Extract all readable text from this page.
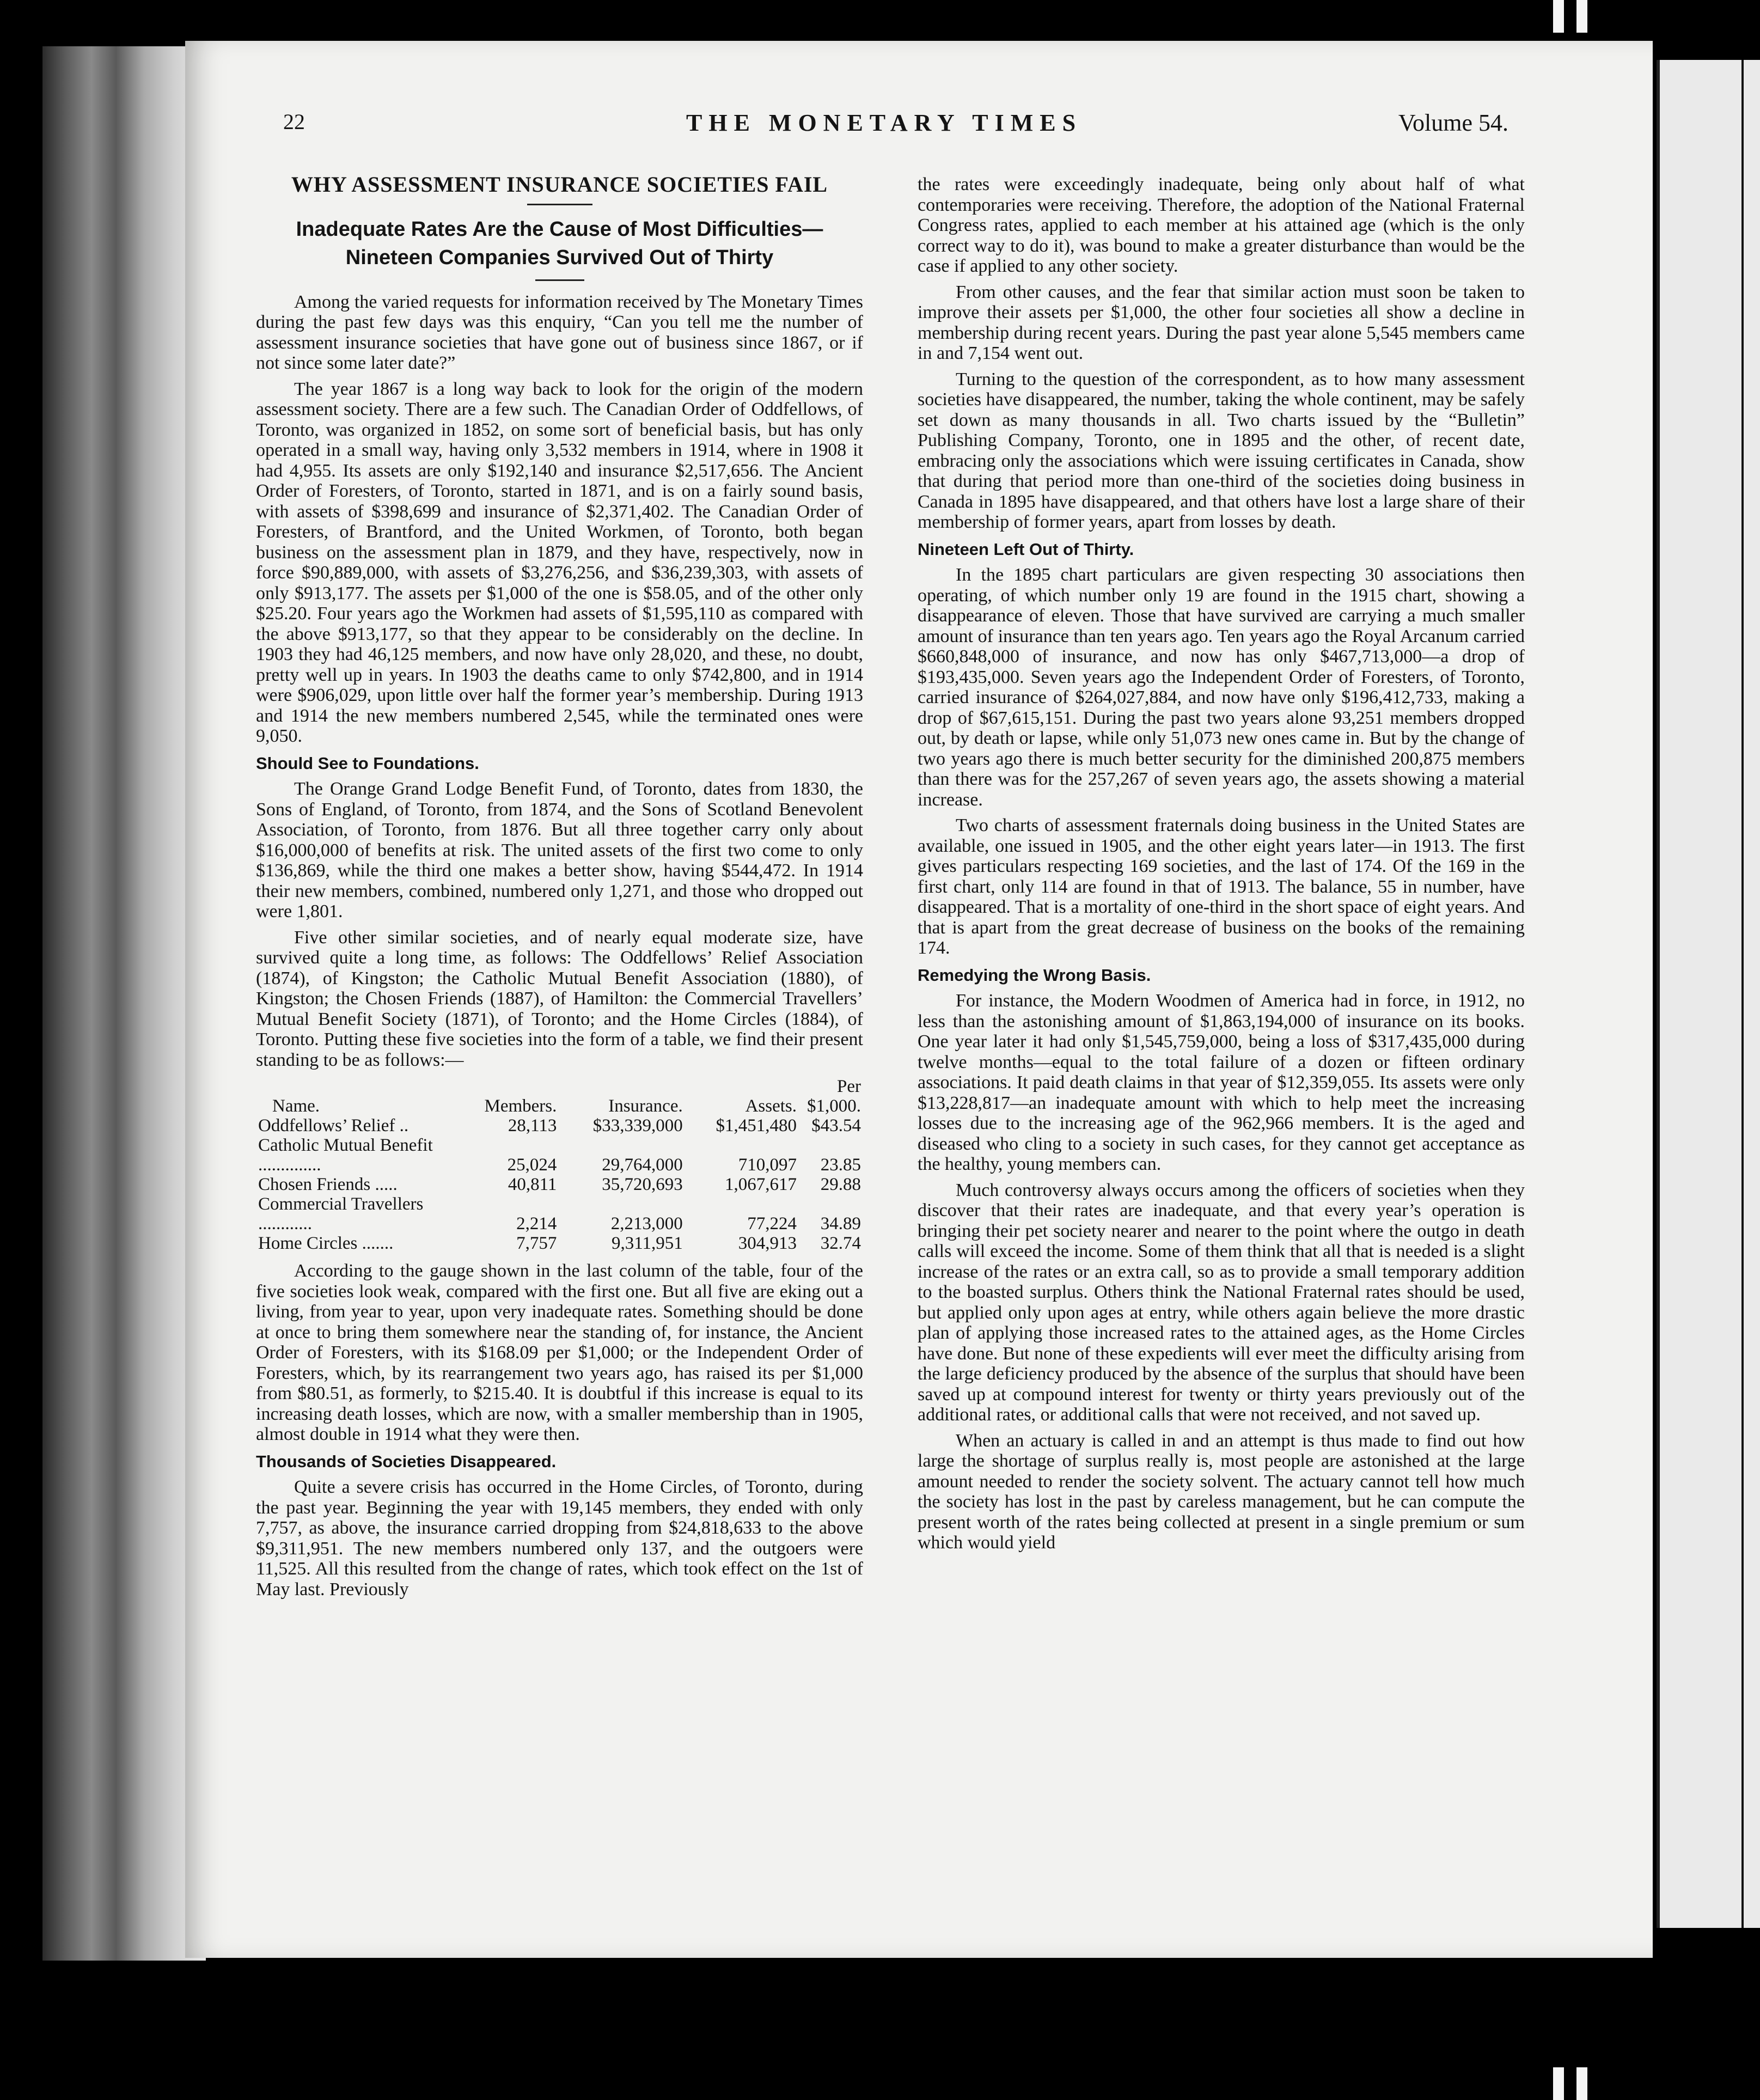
22	THE MONETARY TIMES	Volume 54.
WHY ASSESSMENT INSURANCE SOCIETIES FAIL
Inadequate Rates Are the Cause of Most Difficulties—
Nineteen Companies Survived Out of Thirty

Among the varied requests for information received by The Monetary Times during the past few days was this enquiry, “Can you tell me the number of assessment insurance societies that have gone out of business since 1867, or if not since some later date?”

The year 1867 is a long way back to look for the origin of the modern assessment society. There are a few such. The Canadian Order of Oddfellows, of Toronto, was organized in 1852, on some sort of beneficial basis, but has only operated in a small way, having only 3,532 members in 1914, where in 1908 it had 4,955. Its assets are only $192,140 and insurance $2,517,656. The Ancient Order of Foresters, of Toronto, started in 1871, and is on a fairly sound basis, with assets of $398,699 and insurance of $2,371,402. The Canadian Order of Foresters, of Brantford, and the United Workmen, of Toronto, both began business on the assessment plan in 1879, and they have, respectively, now in force $90,889,000, with assets of $3,276,256, and $36,239,303, with assets of only $913,177. The assets per $1,000 of the one is $58.05, and of the other only $25.20. Four years ago the Workmen had assets of $1,595,110 as compared with the above $913,177, so that they appear to be considerably on the decline. In 1903 they had 46,125 members, and now have only 28,020, and these, no doubt, pretty well up in years. In 1903 the deaths came to only $742,800, and in 1914 were $906,029, upon little over half the former year’s membership. During 1913 and 1914 the new members numbered 2,545, while the terminated ones were 9,050.

Should See to Foundations.

The Orange Grand Lodge Benefit Fund, of Toronto, dates from 1830, the Sons of England, of Toronto, from 1874, and the Sons of Scotland Benevolent Association, of Toronto, from 1876. But all three together carry only about $16,000,000 of benefits at risk. The united assets of the first two come to only $136,869, while the third one makes a better show, having $544,472. In 1914 their new members, combined, numbered only 1,271, and those who dropped out were 1,801.

Five other similar societies, and of nearly equal moderate size, have survived quite a long time, as follows: The Oddfellows’ Relief Association (1874), of Kingston; the Catholic Mutual Benefit Association (1880), of Kingston; the Chosen Friends (1887), of Hamilton: the Commercial Travellers’ Mutual Benefit Society (1871), of Toronto; and the Home Circles (1884), of Toronto. Putting these five societies into the form of a table, we find their present standing to be as follows:—

Name.	Members.	Insurance.	Assets.	Per $1,000.
Oddfellows’ Relief ..	28,113	$33,339,000	$1,451,480	$43.54
Catholic Mutual Benefit ..............	25,024	29,764,000	710,097	23.85
Chosen Friends .....	40,811	35,720,693	1,067,617	29.88
Commercial Travellers ............	2,214	2,213,000	77,224	34.89
Home Circles .......	7,757	9,311,951	304,913	32.74

According to the gauge shown in the last column of the table, four of the five societies look weak, compared with the first one. But all five are eking out a living, from year to year, upon very inadequate rates. Something should be done at once to bring them somewhere near the standing of, for instance, the Ancient Order of Foresters, with its $168.09 per $1,000; or the Independent Order of Foresters, which, by its rearrangement two years ago, has raised its per $1,000 from $80.51, as formerly, to $215.40. It is doubtful if this increase is equal to its increasing death losses, which are now, with a smaller membership than in 1905, almost double in 1914 what they were then.

Thousands of Societies Disappeared.

Quite a severe crisis has occurred in the Home Circles, of Toronto, during the past year. Beginning the year with 19,145 members, they ended with only 7,757, as above, the insurance carried dropping from $24,818,633 to the above $9,311,951. The new members numbered only 137, and the outgoers were 11,525. All this resulted from the change of rates, which took effect on the 1st of May last. Previously

the rates were exceedingly inadequate, being only about half of what contemporaries were receiving. Therefore, the adoption of the National Fraternal Congress rates, applied to each member at his attained age (which is the only correct way to do it), was bound to make a greater disturbance than would be the case if applied to any other society.

From other causes, and the fear that similar action must soon be taken to improve their assets per $1,000, the other four societies all show a decline in membership during recent years. During the past year alone 5,545 members came in and 7,154 went out.

Turning to the question of the correspondent, as to how many assessment societies have disappeared, the number, taking the whole continent, may be safely set down as many thousands in all. Two charts issued by the “Bulletin” Publishing Company, Toronto, one in 1895 and the other, of recent date, embracing only the associations which were issuing certificates in Canada, show that during that period more than one-third of the societies doing business in Canada in 1895 have disappeared, and that others have lost a large share of their membership of former years, apart from losses by death.

Nineteen Left Out of Thirty.

In the 1895 chart particulars are given respecting 30 associations then operating, of which number only 19 are found in the 1915 chart, showing a disappearance of eleven. Those that have survived are carrying a much smaller amount of insurance than ten years ago. Ten years ago the Royal Arcanum carried $660,848,000 of insurance, and now has only $467,713,000—a drop of $193,435,000. Seven years ago the Independent Order of Foresters, of Toronto, carried insurance of $264,027,884, and now have only $196,412,733, making a drop of $67,615,151. During the past two years alone 93,251 members dropped out, by death or lapse, while only 51,073 new ones came in. But by the change of two years ago there is much better security for the diminished 200,875 members than there was for the 257,267 of seven years ago, the assets showing a material increase.

Two charts of assessment fraternals doing business in the United States are available, one issued in 1905, and the other eight years later—in 1913. The first gives particulars respecting 169 societies, and the last of 174. Of the 169 in the first chart, only 114 are found in that of 1913. The balance, 55 in number, have disappeared. That is a mortality of one-third in the short space of eight years. And that is apart from the great decrease of business on the books of the remaining 174.

Remedying the Wrong Basis.

For instance, the Modern Woodmen of America had in force, in 1912, no less than the astonishing amount of $1,863,194,000 of insurance on its books. One year later it had only $1,545,759,000, being a loss of $317,435,000 during twelve months—equal to the total failure of a dozen or fifteen ordinary associations. It paid death claims in that year of $12,359,055. Its assets were only $13,228,817—an inadequate amount with which to help meet the increasing losses due to the increasing age of the 962,966 members. It is the aged and diseased who cling to a society in such cases, for they cannot get acceptance as the healthy, young members can.

Much controversy always occurs among the officers of societies when they discover that their rates are inadequate, and that every year’s operation is bringing their pet society nearer and nearer to the point where the outgo in death calls will exceed the income. Some of them think that all that is needed is a slight increase of the rates or an extra call, so as to provide a small temporary addition to the boasted surplus. Others think the National Fraternal rates should be used, but applied only upon ages at entry, while others again believe the more drastic plan of applying those increased rates to the attained ages, as the Home Circles have done. But none of these expedients will ever meet the difficulty arising from the large deficiency produced by the absence of the surplus that should have been saved up at compound interest for twenty or thirty years previously out of the additional rates, or additional calls that were not received, and not saved up.

When an actuary is called in and an attempt is thus made to find out how large the shortage of surplus really is, most people are astonished at the large amount needed to render the society solvent. The actuary cannot tell how much the society has lost in the past by careless management, but he can compute the present worth of the rates being collected at present in a single premium or sum which would yield
